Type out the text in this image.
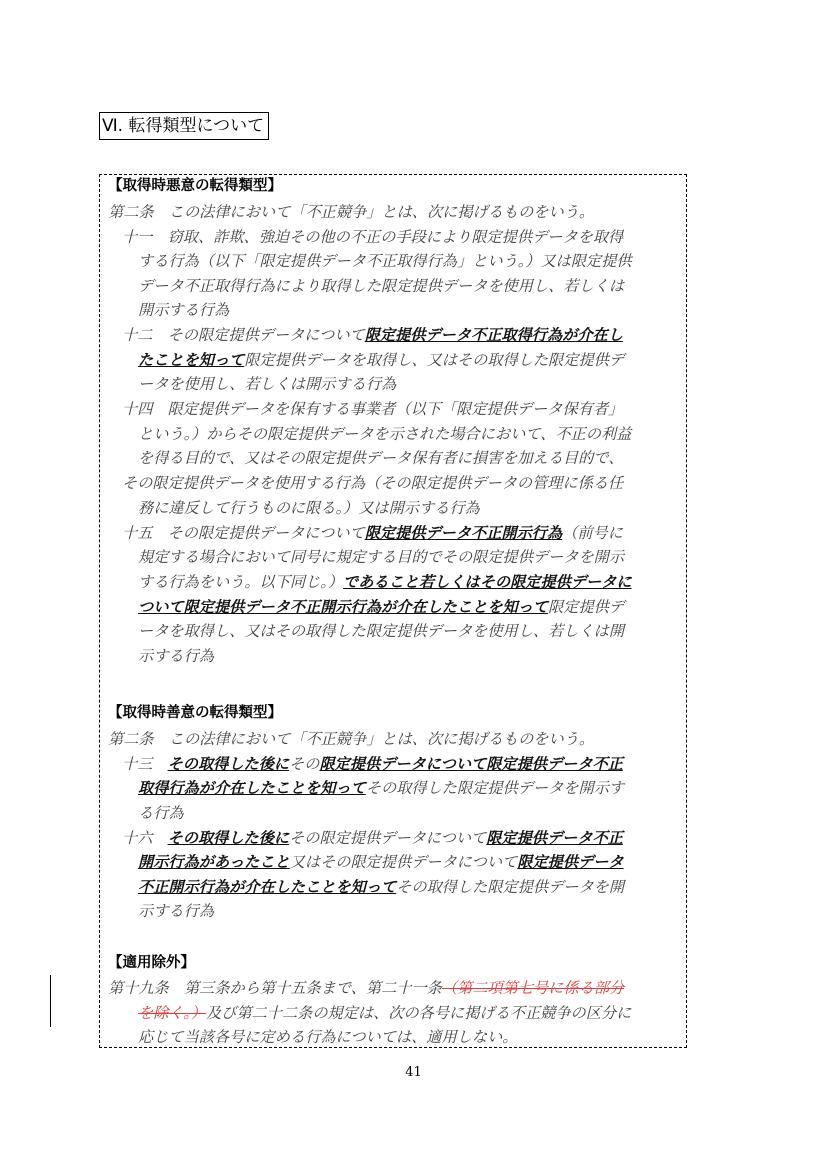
Ⅵ. 転得類型について
【取得時悪意の転得類型】
第二条　この法律において「不正競争」とは、次に掲げるものをいう。
十一　窃取、詐欺、強迫その他の不正の手段により限定提供データを取得
する行為（以下「限定提供データ不正取得行為」という。）又は限定提供
データ不正取得行為により取得した限定提供データを使用し、若しくは
開示する行為
十二　その限定提供データについて限定提供データ不正取得行為が介在し
たことを知って限定提供データを取得し、又はその取得した限定提供デ
ータを使用し、若しくは開示する行為
十四　限定提供データを保有する事業者（以下「限定提供データ保有者」
という。）からその限定提供データを示された場合において、不正の利益
を得る目的で、又はその限定提供データ保有者に損害を加える目的で、
その限定提供データを使用する行為（その限定提供データの管理に係る任
務に違反して行うものに限る。）又は開示する行為
十五　その限定提供データについて限定提供データ不正開示行為（前号に
規定する場合において同号に規定する目的でその限定提供データを開示
する行為をいう。以下同じ。）であること若しくはその限定提供データに
ついて限定提供データ不正開示行為が介在したことを知って限定提供デ
ータを取得し、又はその取得した限定提供データを使用し、若しくは開
示する行為
【取得時善意の転得類型】
第二条　この法律において「不正競争」とは、次に掲げるものをいう。
十三　その取得した後にその限定提供データについて限定提供データ不正
取得行為が介在したことを知ってその取得した限定提供データを開示す
る行為
十六　その取得した後にその限定提供データについて限定提供データ不正
開示行為があったこと又はその限定提供データについて限定提供データ
不正開示行為が介在したことを知ってその取得した限定提供データを開
示する行為
【適用除外】
第十九条　第三条から第十五条まで、第二十一条（第二項第七号に係る部分
を除く。）及び第二十二条の規定は、次の各号に掲げる不正競争の区分に
応じて当該各号に定める行為については、適用しない。
41
